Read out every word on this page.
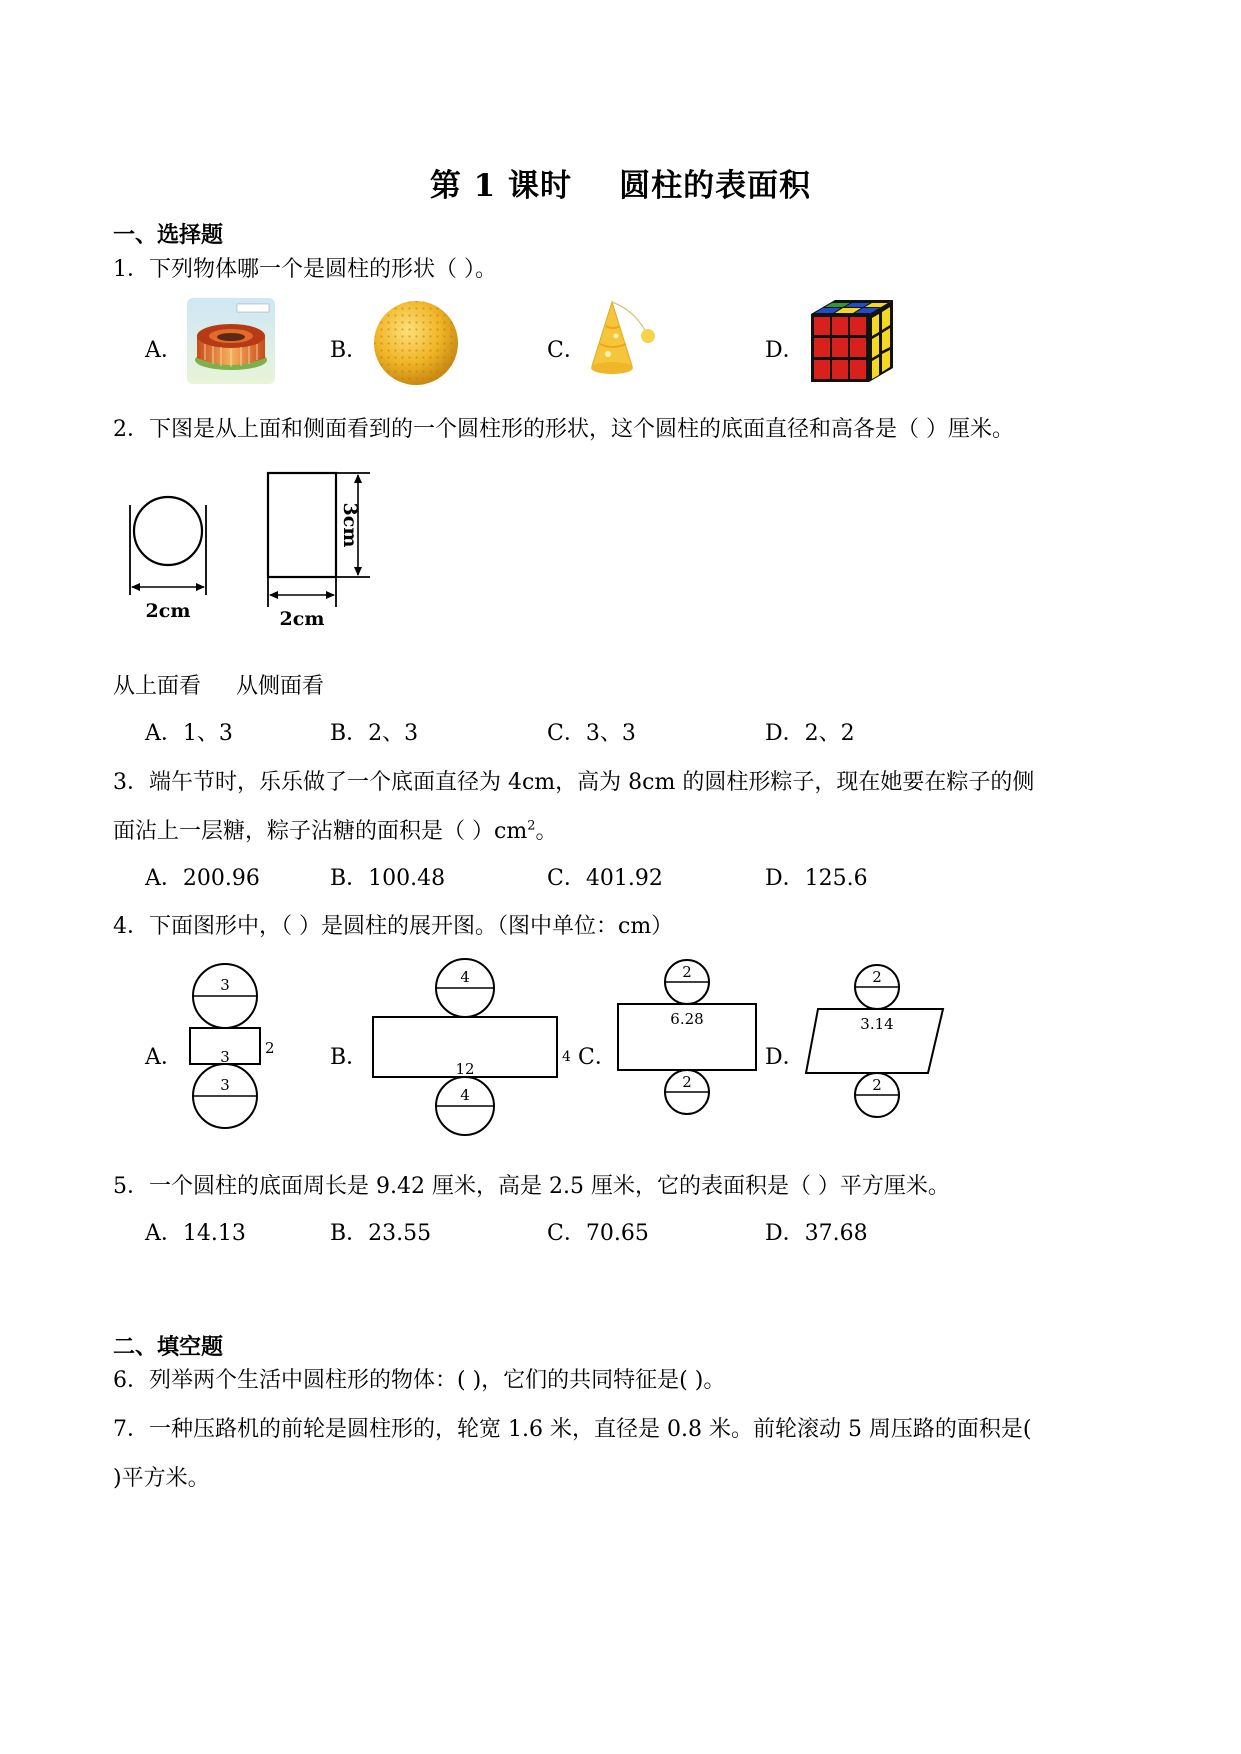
第 1 课时    圆柱的表面积
一、选择题
1．下列物体哪一个是圆柱的形状（ ）。
A．	B．	C．	D．
2．下图是从上面和侧面看到的一个圆柱形的形状，这个圆柱的底面直径和高各是（ ）厘米。
2cm	2cm
3cm
从上面看     从侧面看
A．1、3	B．2、3	C．3、3	D．2、2
3．端午节时，乐乐做了一个底面直径为 4cm，高为 8cm 的圆柱形粽子，现在她要在粽子的侧
面沾上一层糖，粽子沾糖的面积是（ ）$cm^2$。
A．200.96	B．100.48	C．401.92	D．125.6
4．下面图形中，（ ）是圆柱的展开图。（图中单位：cm）
A．	B．	C．	D．
3
3 2
3
4
12
4
4
2
6.28
2
2
3.14
2
5．一个圆柱的底面周长是 9.42 厘米，高是 2.5 厘米，它的表面积是（ ）平方厘米。
A．14.13	B．23.55	C．70.65	D．37.68
二、填空题
6．列举两个生活中圆柱形的物体：( )，它们的共同特征是( )。
7．一种压路机的前轮是圆柱形的，轮宽 1.6 米，直径是 0.8 米。前轮滚动 5 周压路的面积是(
)平方米。
